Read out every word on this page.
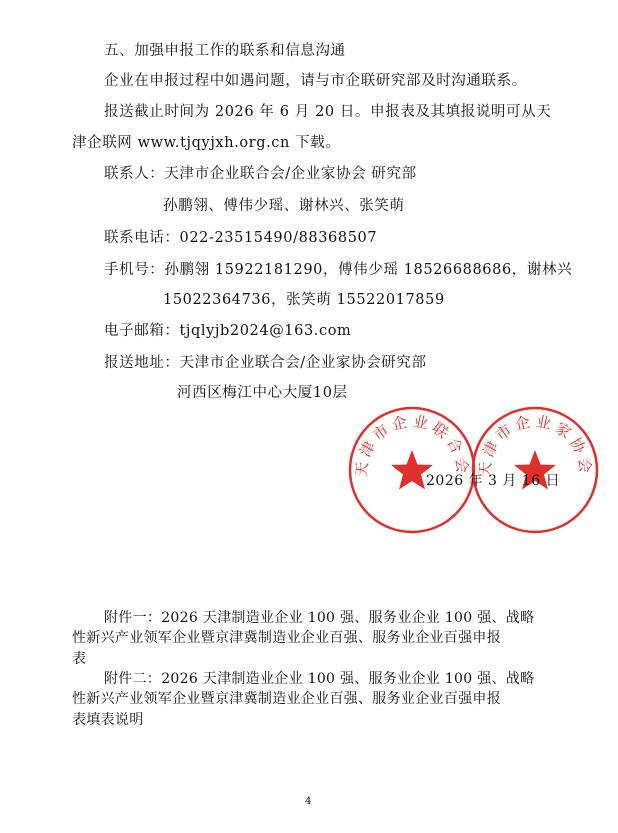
五、加强申报工作的联系和信息沟通
企业在申报过程中如遇问题，请与市企联研究部及时沟通联系。
报送截止时间为 2026 年 6 月 20 日。申报表及其填报说明可从天
津企联网 www.tjqyjxh.org.cn 下载。
联系人：天津市企业联合会/企业家协会 研究部
孙鹏翎、傅伟少瑶、谢林兴、张笑萌
联系电话：022-23515490/88368507
手机号：孙鹏翎 15922181290，傅伟少瑶 18526688686，谢林兴
15022364736，张笑萌 15522017859
电子邮箱：tjqlyjb2024@163.com
报送地址：天津市企业联合会/企业家协会研究部
河西区梅江中心大厦10层
天津市企业联合会 天津市企业家协会
2026 年 3 月 16 日
附件一：2026 天津制造业企业 100 强、服务业企业 100 强、战略
性新兴产业领军企业暨京津冀制造业企业百强、服务业企业百强申报
表
附件二：2026 天津制造业企业 100 强、服务业企业 100 强、战略
性新兴产业领军企业暨京津冀制造业企业百强、服务业企业百强申报
表填表说明
4
